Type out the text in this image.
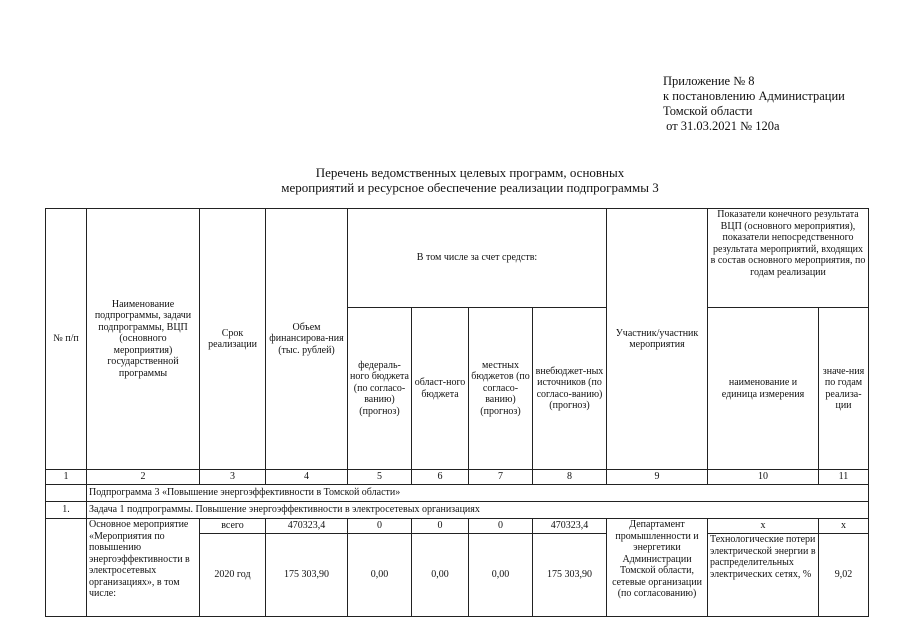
Приложение № 8
к постановлению Администрации
Томской области
от 31.03.2021 № 120а
Перечень ведомственных целевых программ, основных
мероприятий и ресурсное обеспечение реализации подпрограммы 3
№ п/п	Наименование подпрограммы, задачи подпрограммы, ВЦП (основного мероприятия) государственной программы	Срок реализации	Объем финансирова-ния (тыс. рублей)	В том числе за счет средств:				Участник/участник мероприятия	Показатели конечного результата ВЦП (основного мероприятия), показатели непосредственного результата мероприятий, входящих в состав основного мероприятия, по годам реализации	

				федераль-ного бюджета (по согласо-ванию) (прогноз)	област-ного бюджета	местных бюджетов (по согласо-ванию) (прогноз)	внебюджет-ных источников (по согласо-ванию) (прогноз)		наименование и единица измерения	значе-ния по годам реализа-ции
1	2	3	4	5	6	7	8	9	10	11
	Подпрограмма 3 «Повышение энергоэффективности в Томской области»									
1.	Задача 1 подпрограммы. Повышение энергоэффективности в электросетевых организациях									
	Основное мероприятие «Мероприятия по повышению энергоэффективности в электросетевых организациях», в том числе:	всего	470323,4	0	0	0	470323,4	Департамент промышленности и энергетики Администрации Томской области, сетевые организации (по согласованию)	x	x
		2020 год	175 303,90	0,00	0,00	0,00	175 303,90		Технологические потери электрической энергии в распределительных электрических сетях, %	9,02
